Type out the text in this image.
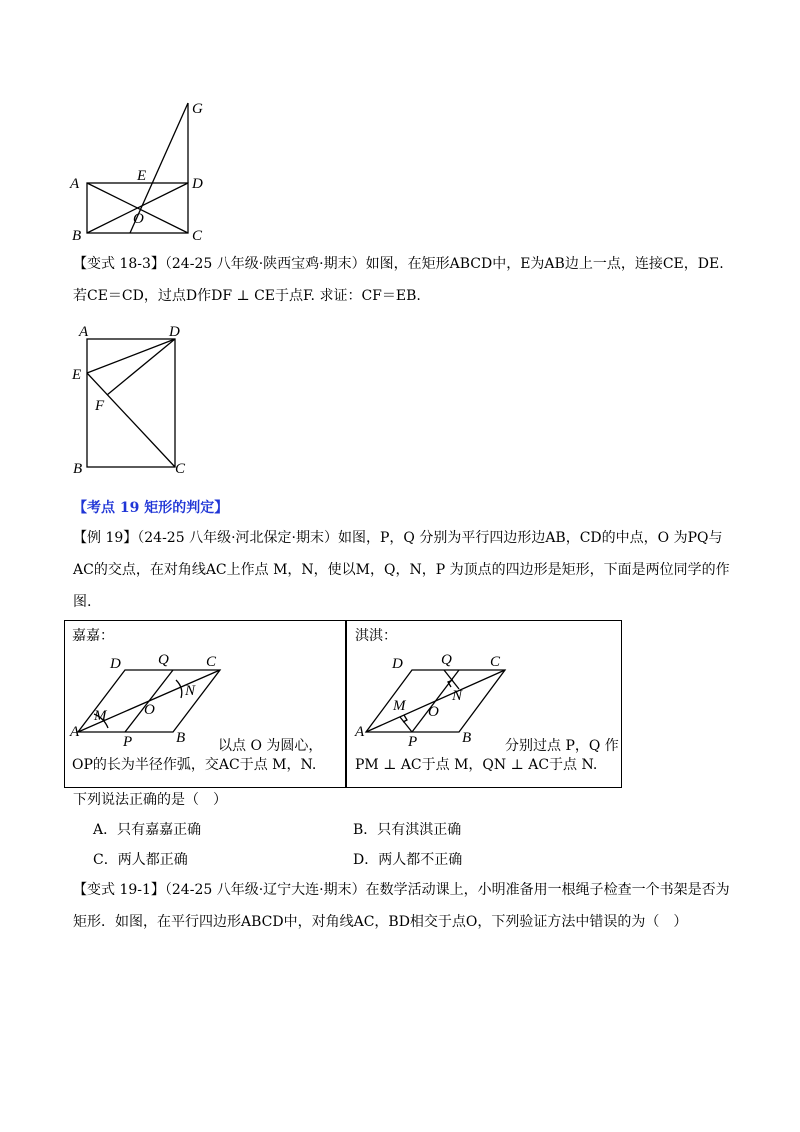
G
A	E	D
O
B	C
【变式 18-3】（24-25 八年级·陕西宝鸡·期末）如图，在矩形ABCD中，E为AB边上一点，连接CE，DE.
若CE＝CD，过点D作DF ⊥ CE于点F. 求证：CF＝EB.
A	D
E
F
B	C
【考点 19 矩形的判定】
【例 19】（24-25 八年级·河北保定·期末）如图，P，Q 分别为平行四边形边AB，CD的中点，O 为PQ与
AC的交点，在对角线AC上作点 M，N，使以M，Q，N，P 为顶点的四边形是矩形，下面是两位同学的作
图.
嘉嘉：
D Q C
N
M	O
A
P	B 以点 O 为圆心，
OP的长为半径作弧，交AC于点 M，N.
淇淇：
D	Q	C
N
M O
A
P	B 分别过点 P，Q 作
PM ⊥ AC于点 M，QN ⊥ AC于点 N.
下列说法正确的是（　）
A．只有嘉嘉正确	B．只有淇淇正确
C．两人都正确	D．两人都不正确
【变式 19-1】（24-25 八年级·辽宁大连·期末）在数学活动课上，小明准备用一根绳子检查一个书架是否为
矩形．如图，在平行四边形ABCD中，对角线AC，BD相交于点O，下列验证方法中错误的为（　）
